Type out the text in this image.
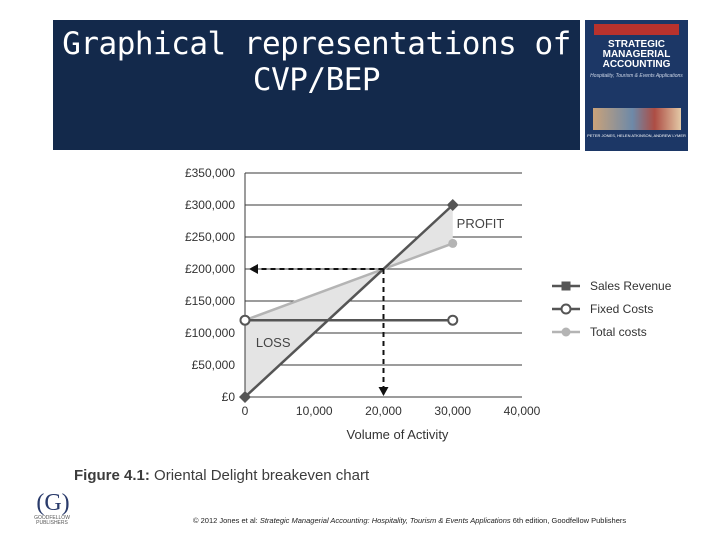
Graphical representations of
CVP/BEP
STRATEGIC
MANAGERIAL
ACCOUNTING
Hospitality, Tourism & Events Applications
PETER JONES, HELEN ATKINSON, ANDREW LYMER
£0
£50,000
£100,000
£150,000
£200,000
£250,000
£300,000
£350,000
0	10,000	20,000	30,000	40,000
Volume of Activity
PROFIT
LOSS
Sales Revenue
Fixed Costs
Total costs
Figure 4.1: Oriental Delight breakeven chart
(G)
GOODFELLOW
PUBLISHERS	© 2012 Jones et al: Strategic Managerial Accounting: Hospitality, Tourism & Events Applications 6th edition, Goodfellow Publishers
